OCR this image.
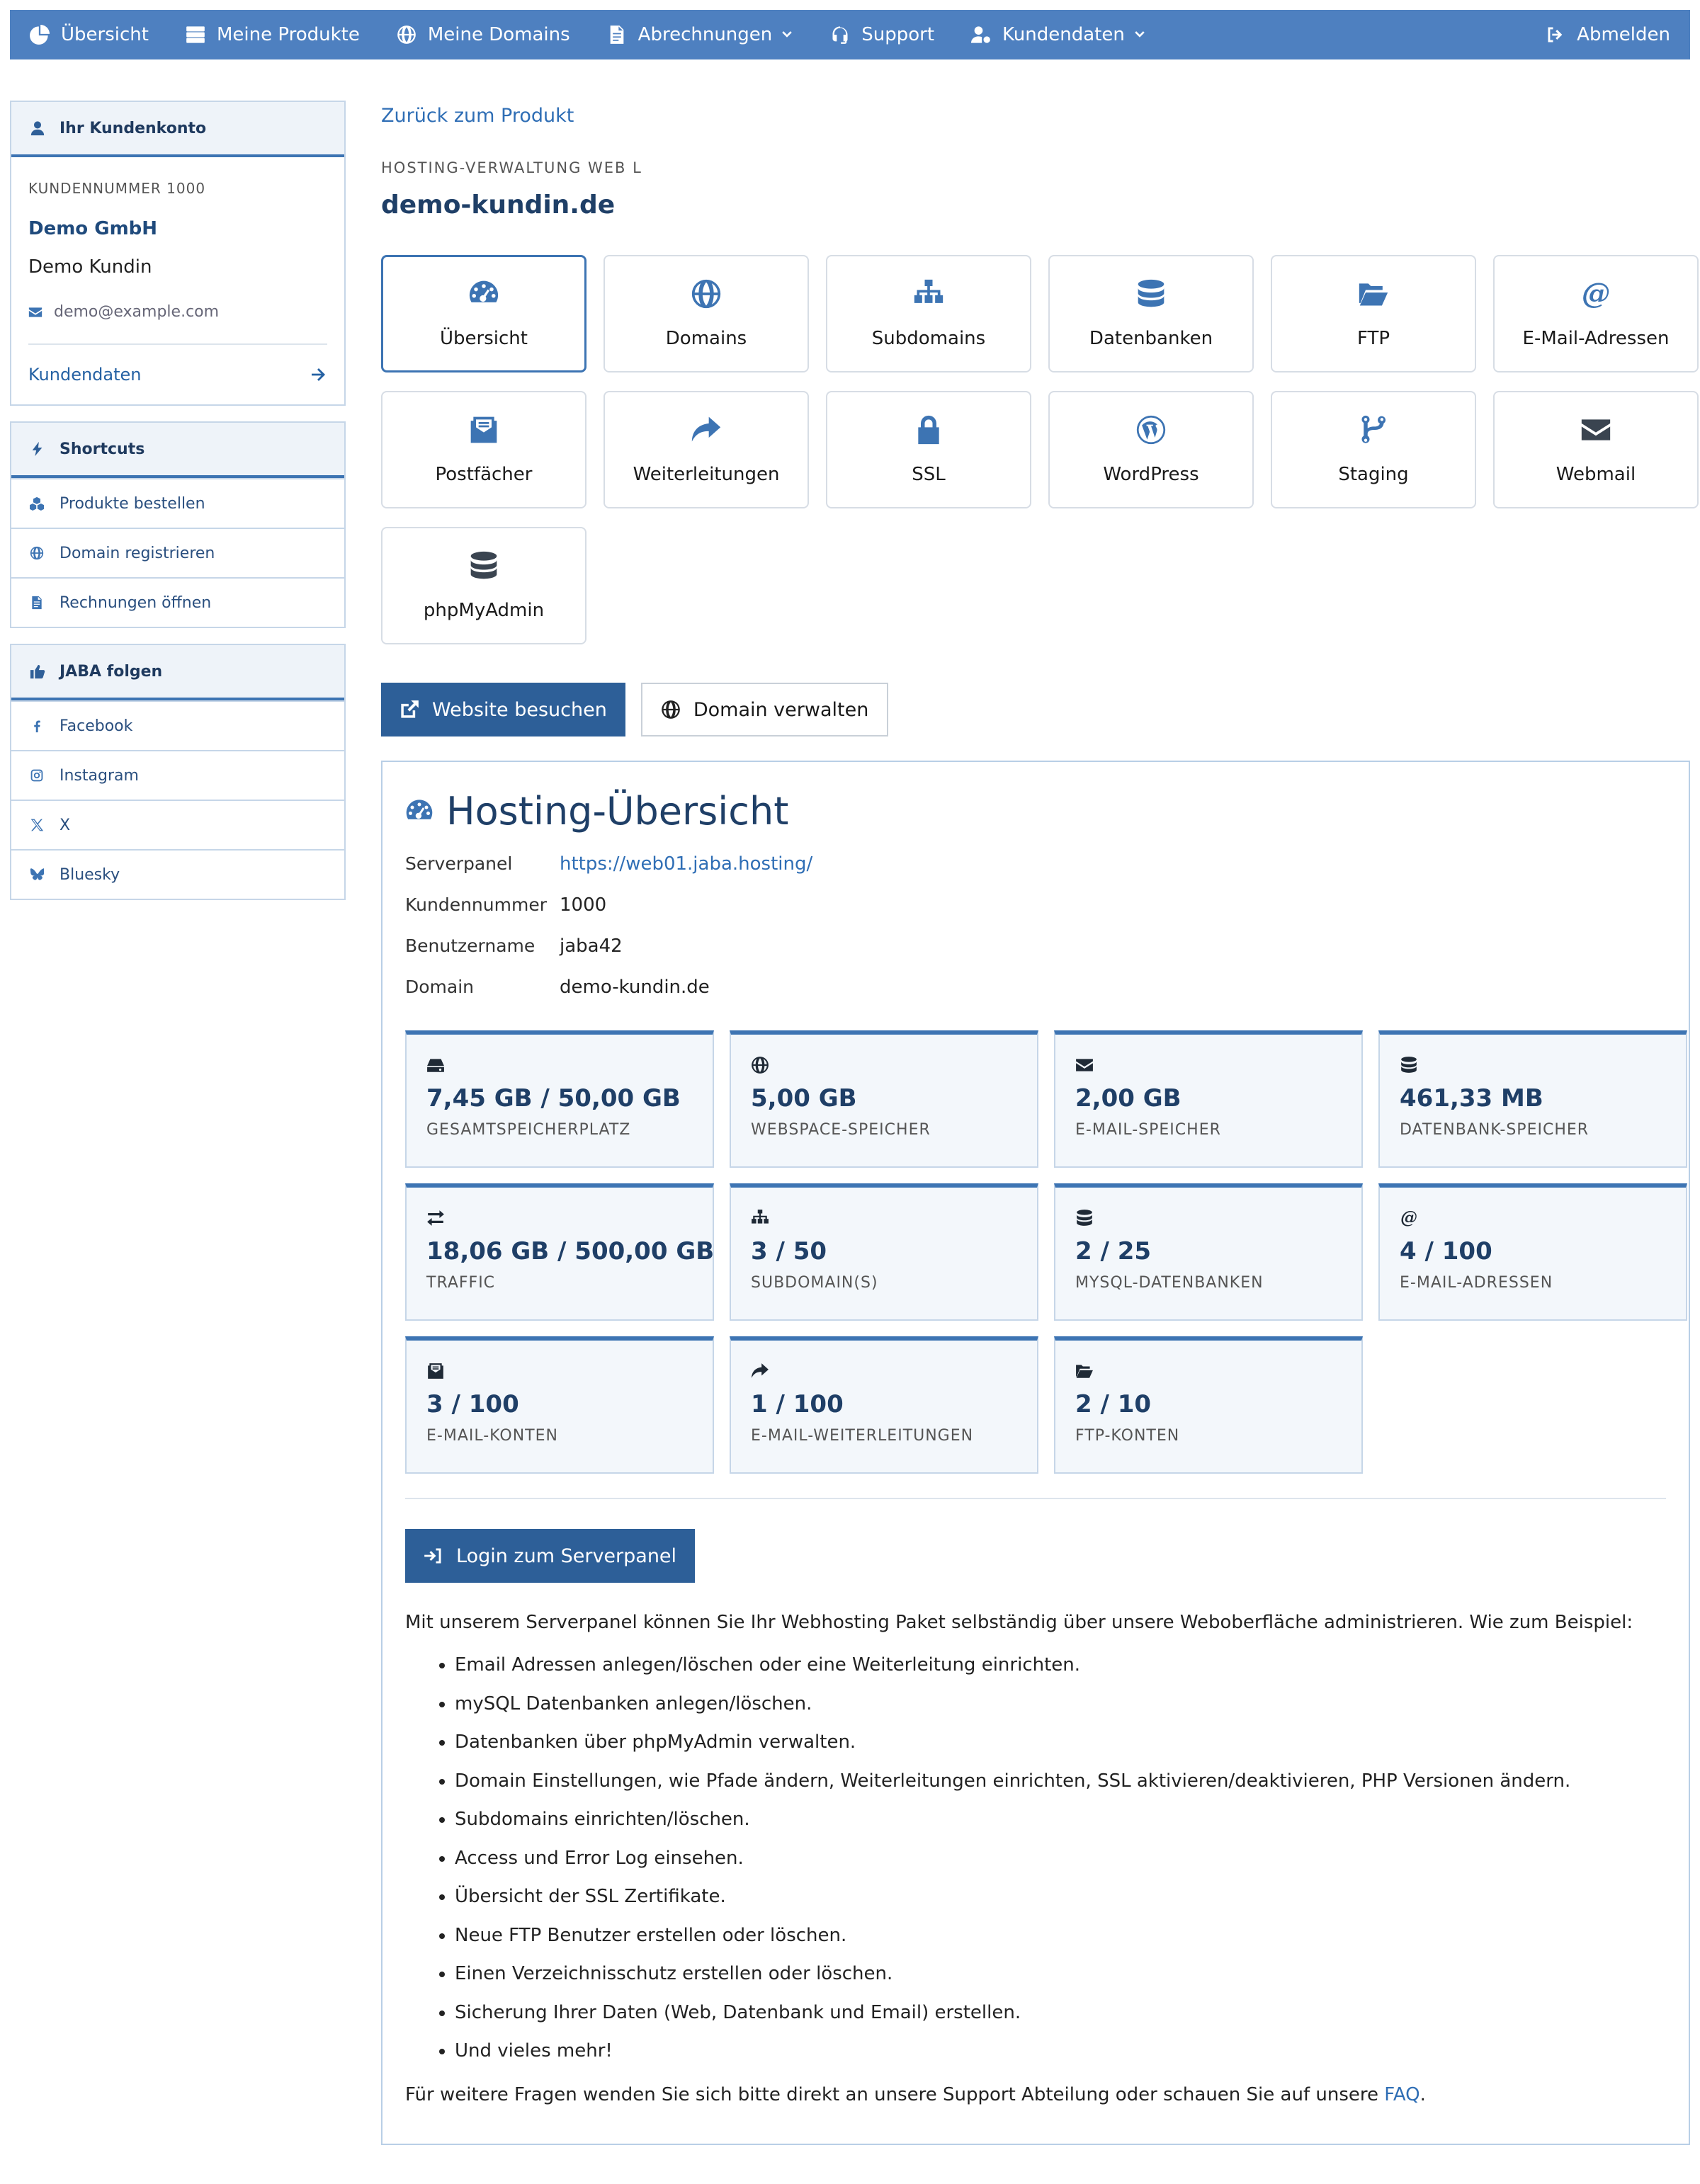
Übersicht	Meine Produkte	Meine Domains	Abrechnungen	Support	Kundendaten	Abmelden
Ihr Kundenkonto
KUNDENNUMMER 1000
Demo GmbH
Demo Kundin
demo@example.com
Kundendaten
Shortcuts
Produkte bestellen
Domain registrieren
Rechnungen öffnen
JABA folgen
Facebook
Instagram
X
Bluesky
Zurück zum Produkt
HOSTING-VERWALTUNG WEB L
demo-kundin.de
Übersicht	Domains	Subdomains	Datenbanken	FTP
@
E-Mail-Adressen
Postfächer	Weiterleitungen	SSL	WordPress	Staging	Webmail
phpMyAdmin
Website besuchen	Domain verwalten
Hosting-Übersicht
Serverpanel	https://web01.jaba.hosting/
Kundennummer 1000
Benutzername	jaba42
Domain	demo-kundin.de
7,45 GB / 50,00 GB
GESAMTSPEICHERPLATZ
5,00 GB
WEBSPACE-SPEICHER
2,00 GB
E-MAIL-SPEICHER
461,33 MB
DATENBANK-SPEICHER
18,06 GB / 500,00 GB
TRAFFIC
3 / 50
SUBDOMAIN(S)
2 / 25
MYSQL-DATENBANKEN
@
4 / 100
E-MAIL-ADRESSEN
3 / 100
E-MAIL-KONTEN
1 / 100
E-MAIL-WEITERLEITUNGEN
2 / 10
FTP-KONTEN
Login zum Serverpanel

Mit unserem Serverpanel können Sie Ihr Webhosting Paket selbständig über unsere Weboberfläche administrieren. Wie zum Beispiel:

• Email Adressen anlegen/löschen oder eine Weiterleitung einrichten.
• mySQL Datenbanken anlegen/löschen.
• Datenbanken über phpMyAdmin verwalten.
• Domain Einstellungen, wie Pfade ändern, Weiterleitungen einrichten, SSL aktivieren/deaktivieren, PHP Versionen ändern.
• Subdomains einrichten/löschen.
• Access und Error Log einsehen.
• Übersicht der SSL Zertifikate.
• Neue FTP Benutzer erstellen oder löschen.
• Einen Verzeichnisschutz erstellen oder löschen.
• Sicherung Ihrer Daten (Web, Datenbank und Email) erstellen.
• Und vieles mehr!

Für weitere Fragen wenden Sie sich bitte direkt an unsere Support Abteilung oder schauen Sie auf unsere FAQ.
